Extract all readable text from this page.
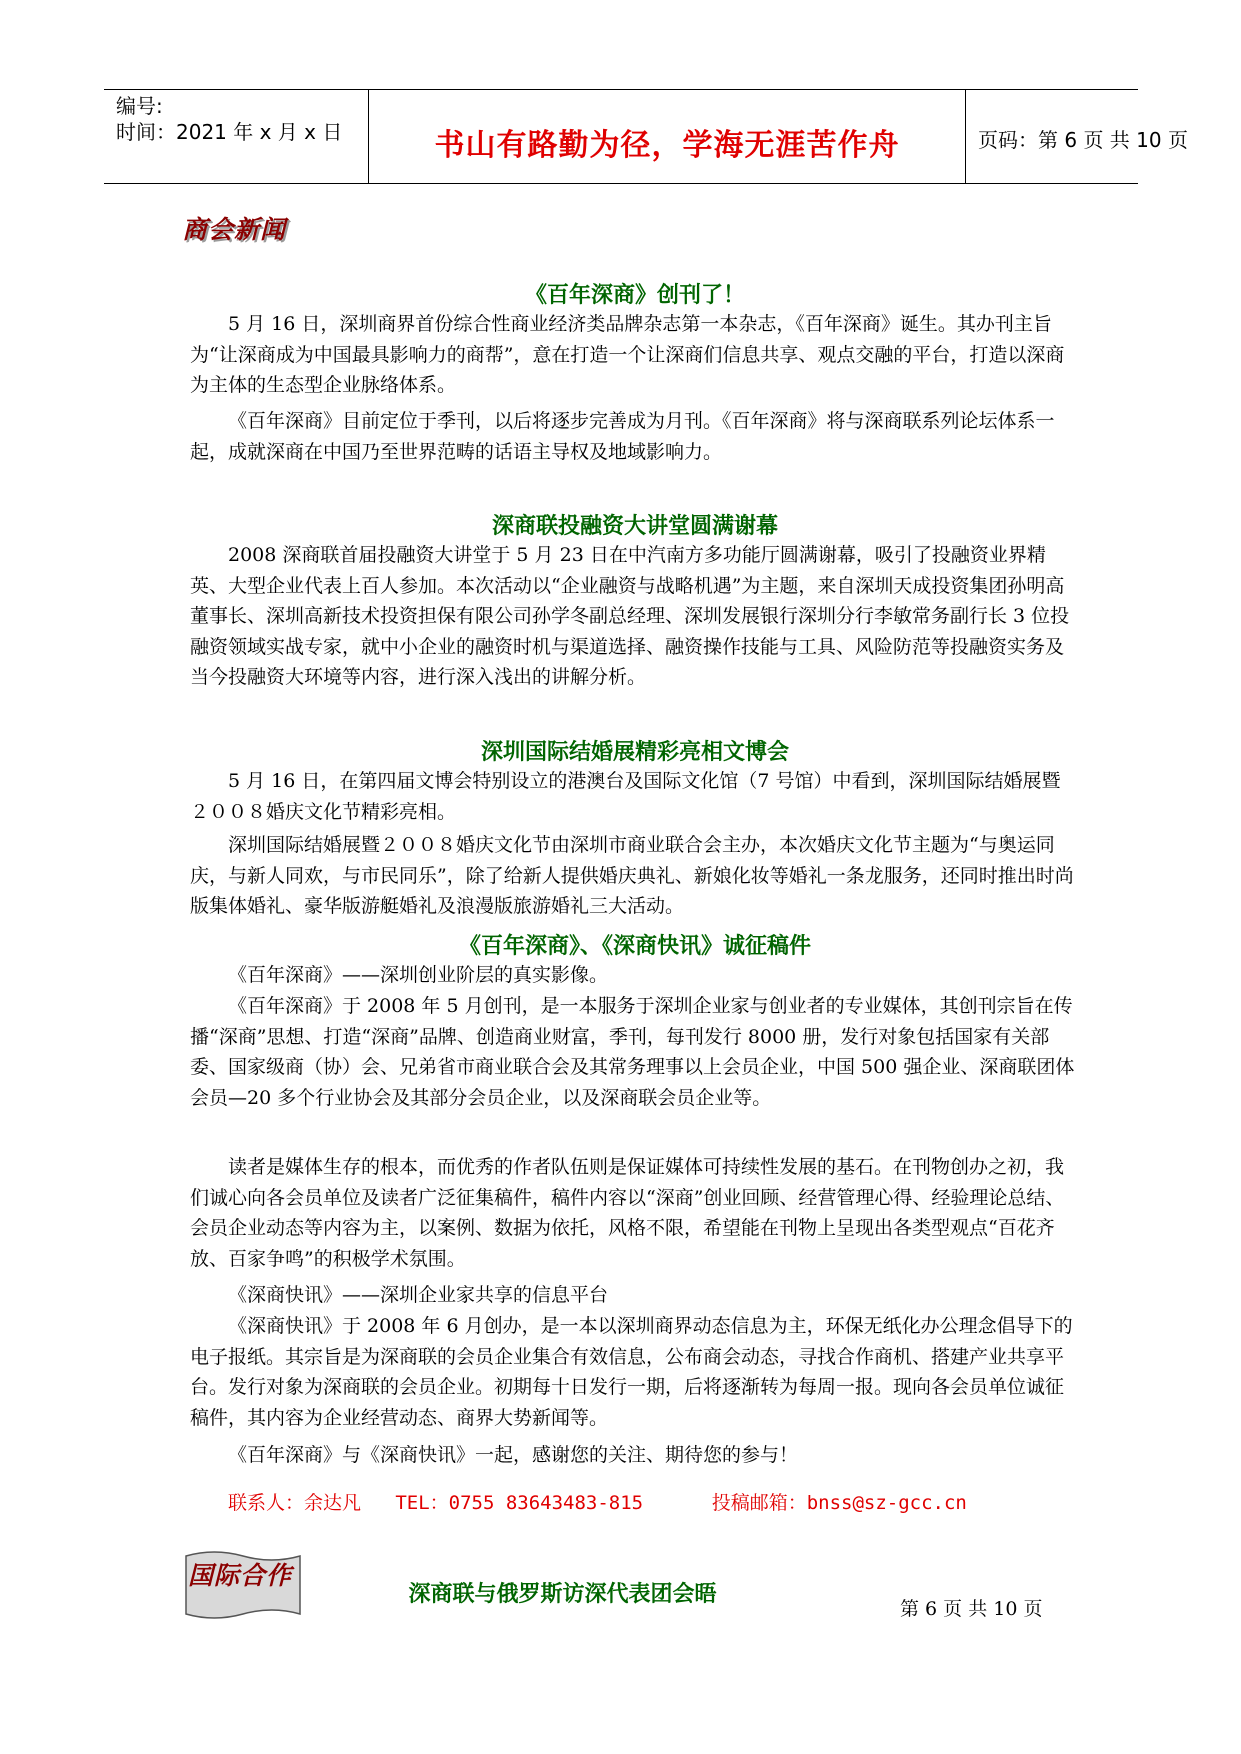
编号:
时间：2021 年 x 月 x 日	书山有路勤为径，学海无涯苦作舟	页码：第 6 页 共 10 页
商会新闻
《百年深商》创刊了！

5 月 16 日，深圳商界首份综合性商业经济类品牌杂志第一本杂志，《百年深商》诞生。其办刊主旨为“让深商成为中国最具影响力的商帮”，意在打造一个让深商们信息共享、观点交融的平台，打造以深商为主体的生态型企业脉络体系。

《百年深商》目前定位于季刊，以后将逐步完善成为月刊。《百年深商》将与深商联系列论坛体系一起，成就深商在中国乃至世界范畴的话语主导权及地域影响力。

深商联投融资大讲堂圆满谢幕

2008 深商联首届投融资大讲堂于 5 月 23 日在中汽南方多功能厅圆满谢幕，吸引了投融资业界精英、大型企业代表上百人参加。本次活动以“企业融资与战略机遇”为主题，来自深圳天成投资集团孙明高董事长、深圳高新技术投资担保有限公司孙学冬副总经理、深圳发展银行深圳分行李敏常务副行长 3 位投融资领域实战专家，就中小企业的融资时机与渠道选择、融资操作技能与工具、风险防范等投融资实务及当今投融资大环境等内容，进行深入浅出的讲解分析。

深圳国际结婚展精彩亮相文博会

5 月 16 日，在第四届文博会特别设立的港澳台及国际文化馆（7 号馆）中看到，深圳国际结婚展暨２００８婚庆文化节精彩亮相。

深圳国际结婚展暨２００８婚庆文化节由深圳市商业联合会主办，本次婚庆文化节主题为“与奥运同庆，与新人同欢，与市民同乐”，除了给新人提供婚庆典礼、新娘化妆等婚礼一条龙服务，还同时推出时尚版集体婚礼、豪华版游艇婚礼及浪漫版旅游婚礼三大活动。

《百年深商》、《深商快讯》诚征稿件

《百年深商》——深圳创业阶层的真实影像。

《百年深商》于 2008 年 5 月创刊，是一本服务于深圳企业家与创业者的专业媒体，其创刊宗旨在传播“深商”思想、打造“深商”品牌、创造商业财富，季刊，每刊发行 8000 册，发行对象包括国家有关部委、国家级商（协）会、兄弟省市商业联合会及其常务理事以上会员企业，中国 500 强企业、深商联团体会员—20 多个行业协会及其部分会员企业，以及深商联会员企业等。

读者是媒体生存的根本，而优秀的作者队伍则是保证媒体可持续性发展的基石。在刊物创办之初，我们诚心向各会员单位及读者广泛征集稿件，稿件内容以“深商”创业回顾、经营管理心得、经验理论总结、会员企业动态等内容为主，以案例、数据为依托，风格不限，希望能在刊物上呈现出各类型观点“百花齐放、百家争鸣”的积极学术氛围。

《深商快讯》——深圳企业家共享的信息平台

《深商快讯》于 2008 年 6 月创办，是一本以深圳商界动态信息为主，环保无纸化办公理念倡导下的电子报纸。其宗旨是为深商联的会员企业集合有效信息，公布商会动态，寻找合作商机、搭建产业共享平台。发行对象为深商联的会员企业。初期每十日发行一期，后将逐渐转为每周一报。现向各会员单位诚征稿件，其内容为企业经营动态、商界大势新闻等。

《百年深商》与《深商快讯》一起，感谢您的关注、期待您的参与！

联系人：余达凡   TEL：0755 83643483-815      投稿邮箱：bnss@sz-gcc.cn
国际合作
深商联与俄罗斯访深代表团会晤
第 6 页 共 10 页
